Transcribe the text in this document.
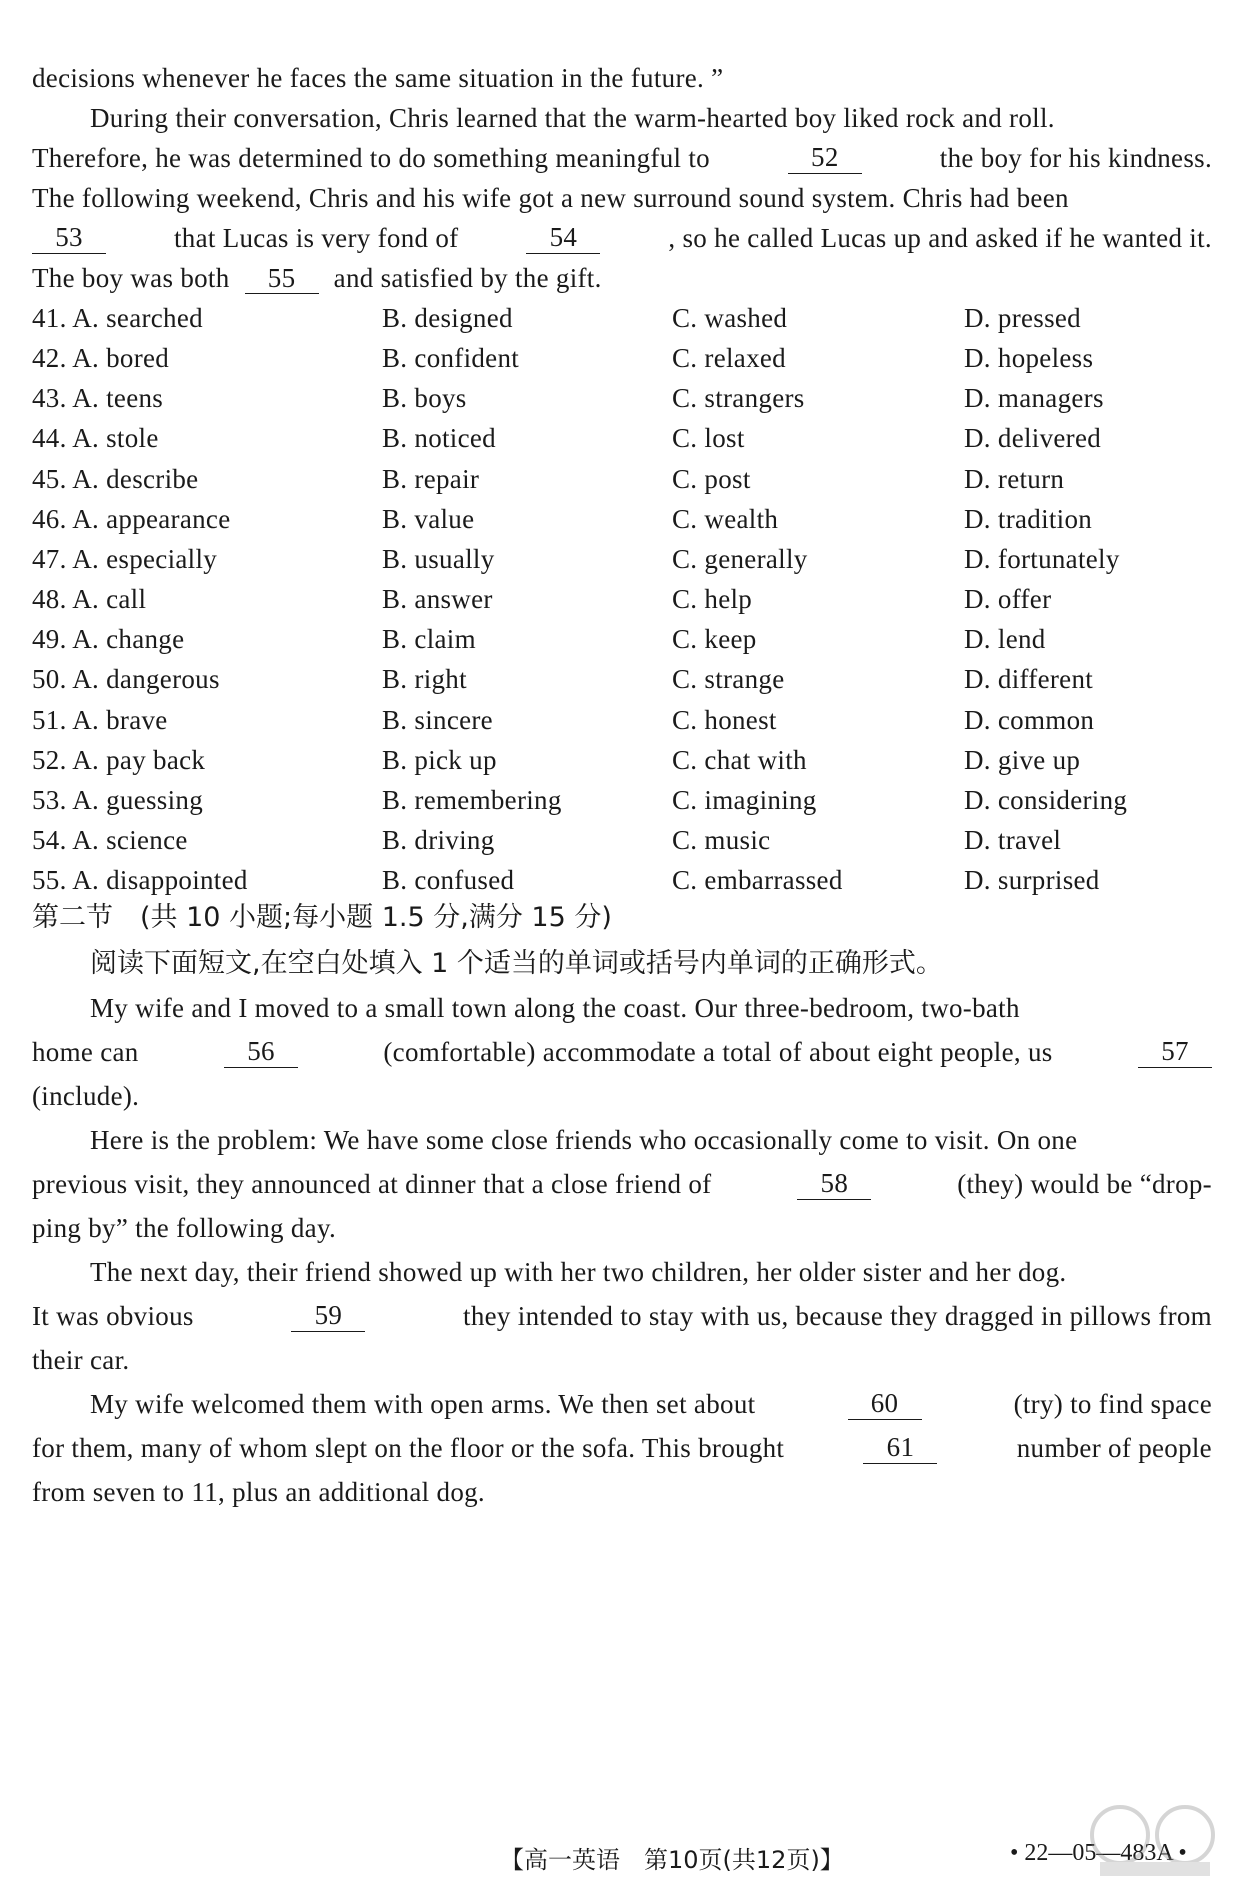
decisions whenever he faces the same situation in the future. ”
During their conversation, Chris learned that the warm-hearted boy liked rock and roll.
Therefore, he was determined to do something meaningful to	52	the boy for his kindness.
The following weekend, Chris and his wife got a new surround sound system. Chris had been
53	that Lucas is very fond of	54	, so he called Lucas up and asked if he wanted it.
The boy was both 55 and satisfied by the gift.
41. A. searched	B. designed	C. washed	D. pressed
42. A. bored	B. confident	C. relaxed	D. hopeless
43. A. teens	B. boys	C. strangers	D. managers
44. A. stole	B. noticed	C. lost	D. delivered
45. A. describe	B. repair	C. post	D. return
46. A. appearance	B. value	C. wealth	D. tradition
47. A. especially	B. usually	C. generally	D. fortunately
48. A. call	B. answer	C. help	D. offer
49. A. change	B. claim	C. keep	D. lend
50. A. dangerous	B. right	C. strange	D. different
51. A. brave	B. sincere	C. honest	D. common
52. A. pay back	B. pick up	C. chat with	D. give up
53. A. guessing	B. remembering	C. imagining	D. considering
54. A. science	B. driving	C. music	D. travel
55. A. disappointed	B. confused	C. embarrassed	D. surprised
第二节　(共 10 小题;每小题 1.5 分,满分 15 分)
阅读下面短文,在空白处填入 1 个适当的单词或括号内单词的正确形式。
My wife and I moved to a small town along the coast. Our three-bedroom, two-bath
home can	56	(comfortable) accommodate a total of about eight people, us	57
(include).
Here is the problem: We have some close friends who occasionally come to visit. On one
previous visit, they announced at dinner that a close friend of	58	(they) would be “drop-
ping by” the following day.
The next day, their friend showed up with her two children, her older sister and her dog.
It was obvious	59	they intended to stay with us, because they dragged in pillows from
their car.
My wife welcomed them with open arms. We then set about	60	(try) to find space
for them, many of whom slept on the floor or the sofa. This brought	61	number of people
from seven to 11, plus an additional dog.
【高一英语　第10页(共12页)】	• 22—05—483A •
